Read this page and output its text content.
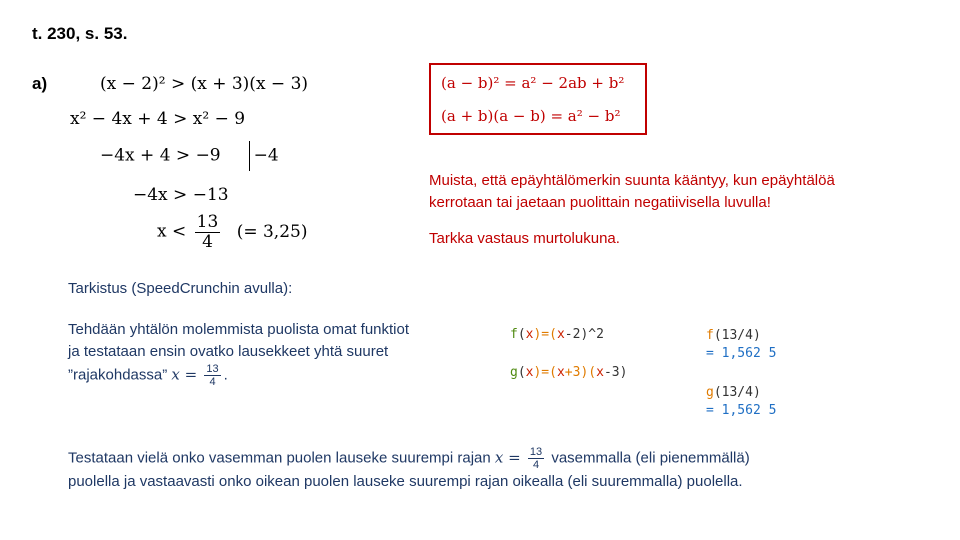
t. 230, s. 53.
a)	(x − 2)² > (x + 3)(x − 3)
x² − 4x + 4 > x² − 9
−4x + 4 > −9 −4
−4x > −13
$x < \frac{13}{4}$ (= 3,25)
(a − b)² = a² − 2ab + b²
(a + b)(a − b) = a² − b²
Muista, että epäyhtälömerkin suunta kääntyy, kun epäyhtälöä
kerrotaan tai jaetaan puolittain negatiivisella luvulla!
Tarkka vastaus murtolukuna.
Tarkistus (SpeedCrunchin avulla):
Tehdään yhtälön molemmista puolista omat funktiot
ja testataan ensin ovatko lausekkeet yhtä suuret
”rajakohdassa” $x = \frac{13}{4}$ .
f(x)=(x-2)^2
g(x)=(x+3)(x-3)
f(13/4)
= 1,562 5
g(13/4)
= 1,562 5
Testataan vielä onko vasemman puolen lauseke suurempi rajan $x = \frac{13}{4}$ vasemmalla (eli pienemmällä)
puolella ja vastaavasti onko oikean puolen lauseke suurempi rajan oikealla (eli suuremmalla) puolella.
